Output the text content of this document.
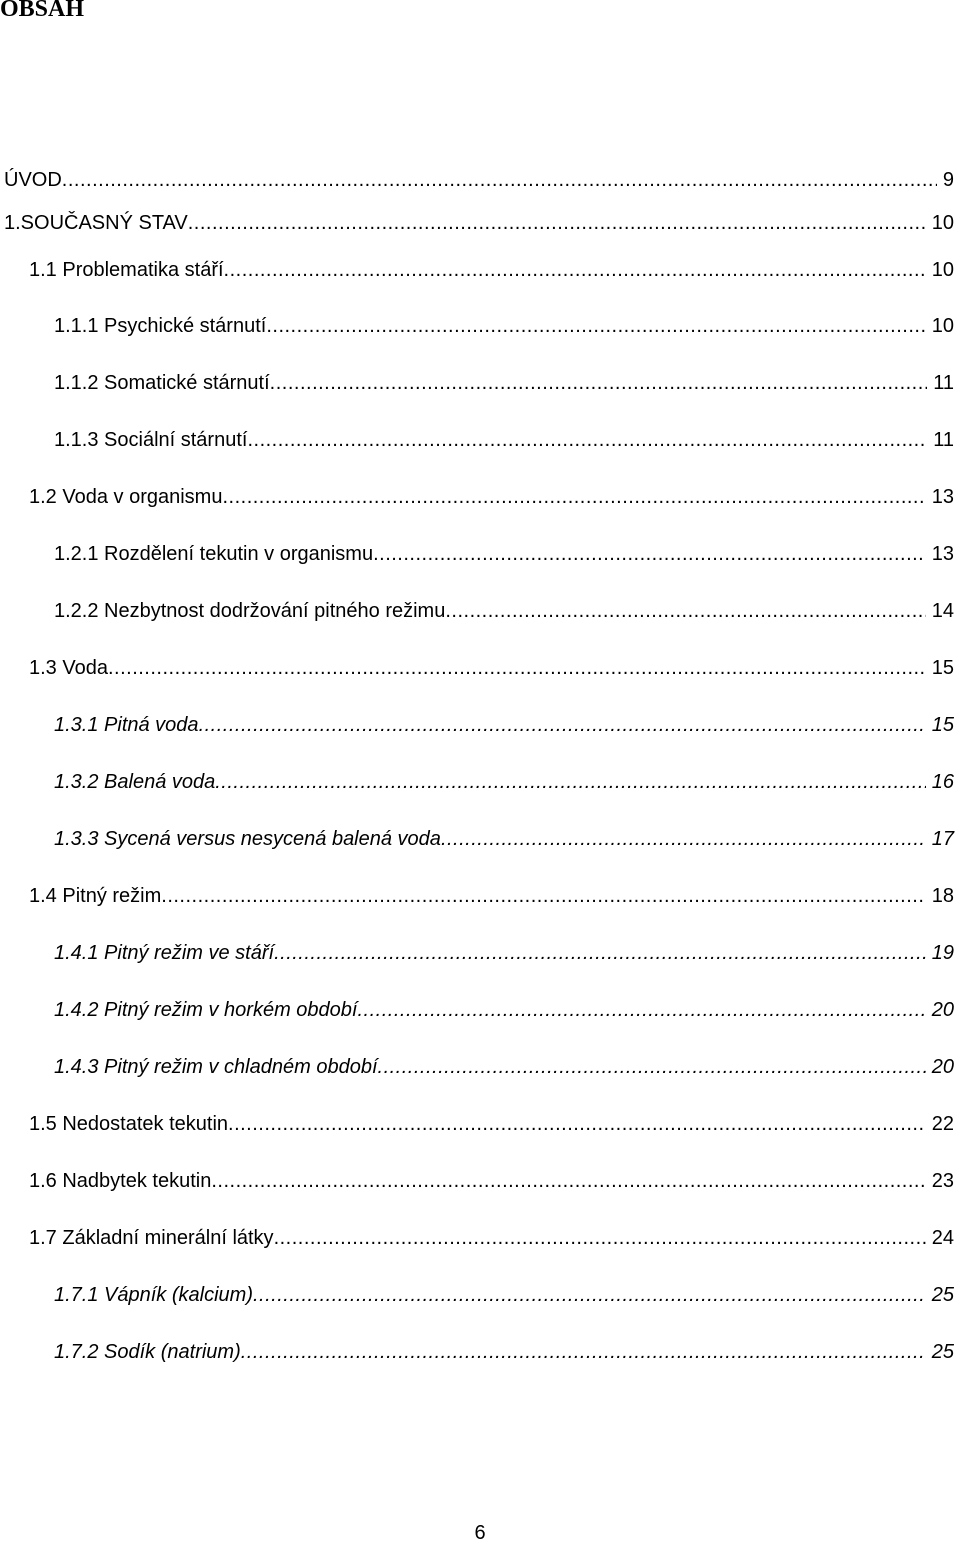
OBSAH
ÚVOD .....	9
1.SOUČASNÝ STAV .....	10
1.1 Problematika stáří .....	10
1.1.1 Psychické stárnutí .....	10
1.1.2 Somatické stárnutí .....	11
1.1.3 Sociální stárnutí .....	11
1.2 Voda v organismu .....	13
1.2.1 Rozdělení tekutin v organismu .....	13
1.2.2 Nezbytnost dodržování pitného režimu .....	14
1.3 Voda .....	15
1.3.1 Pitná voda .....	15
1.3.2 Balená voda .....	16
1.3.3 Sycená versus nesycená balená voda .....	17
1.4 Pitný režim .....	18
1.4.1 Pitný režim ve stáří .....	19
1.4.2 Pitný režim v horkém období .....	20
1.4.3 Pitný režim v chladném období .....	20
1.5 Nedostatek tekutin .....	22
1.6 Nadbytek tekutin .....	23
1.7 Základní minerální látky .....	24
1.7.1 Vápník (kalcium) .....	25
1.7.2 Sodík (natrium) .....	25
6
